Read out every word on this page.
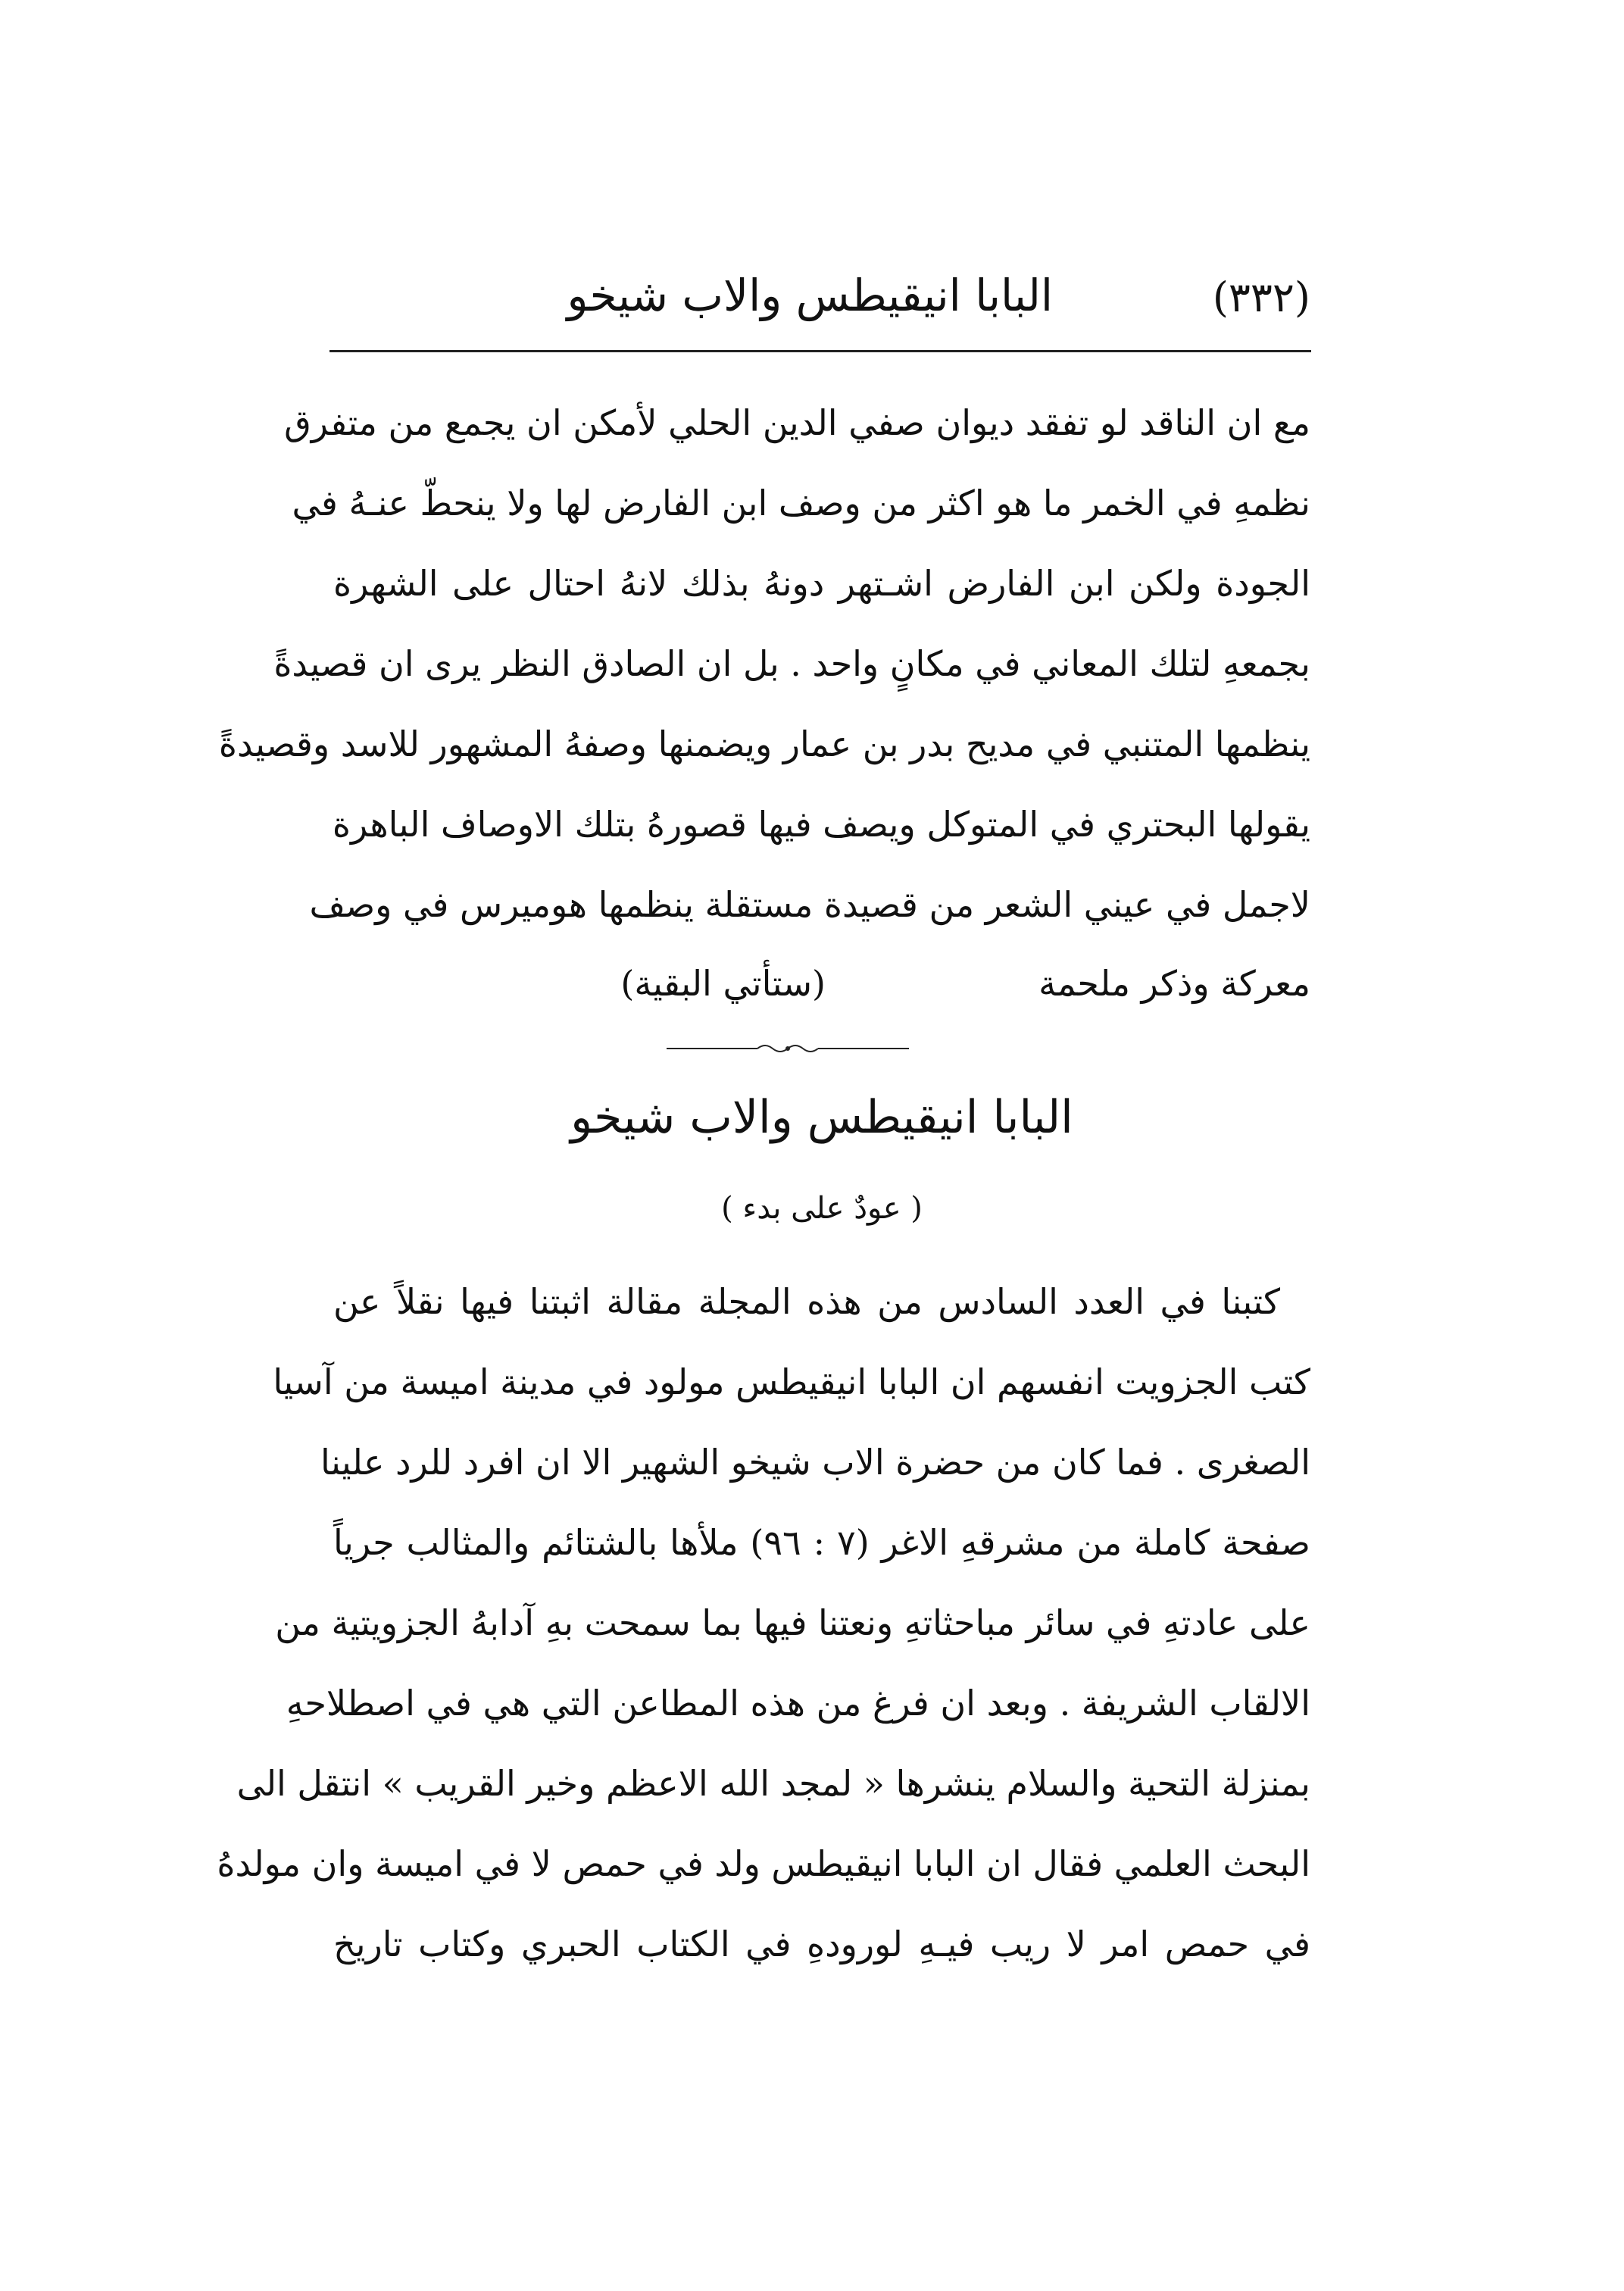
(٣٣٢)
البابا انيقيطس والاب شيخو
مع ان الناقد لو تفقد ديوان صفي الدين الحلي لأمكن ان يجمع من متفرق
نظمهِ في الخمر ما هو اكثر من وصف ابن الفارض لها ولا ينحطّ عنـهُ في
الجودة ولكن ابن الفارض اشـتهر دونهُ بذلك لانهُ احتال على الشهرة
بجمعهِ لتلك المعاني في مكانٍ واحد . بل ان الصادق النظر يرى ان قصيدةً
ينظمها المتنبي في مديح بدر بن عمار ويضمنها وصفهُ المشهور للاسد وقصيدةً
يقولها البحتري في المتوكل ويصف فيها قصورهُ بتلك الاوصاف الباهرة
لاجمل في عيني الشعر من قصيدة مستقلة ينظمها هوميرس في وصف
معركة وذكر ملحمة
(ستأتي البقية)
البابا انيقيطس والاب شيخو
( عودٌ على بدء )
كتبنا في العدد السادس من هذه المجلة مقالة اثبتنا فيها نقلاً عن
كتب الجزويت انفسهم ان البابا انيقيطس مولود في مدينة اميسة من آسيا
الصغرى . فما كان من حضرة الاب شيخو الشهير الا ان افرد للرد علينا
صفحة كاملة من مشرقهِ الاغر (٧ : ٩٦) ملأها بالشتائم والمثالب جرياً
على عادتهِ في سائر مباحثاتهِ ونعتنا فيها بما سمحت بهِ آدابهُ الجزويتية من
الالقاب الشريفة . وبعد ان فرغ من هذه المطاعن التي هي في اصطلاحهِ
بمنزلة التحية والسلام ينشرها « لمجد الله الاعظم وخير القريب » انتقل الى
البحث العلمي فقال ان البابا انيقيطس ولد في حمص لا في اميسة وان مولدهُ
في حمص امر لا ريب فيـهِ لورودهِ في الكتاب الحبري وكتاب تاريخ
